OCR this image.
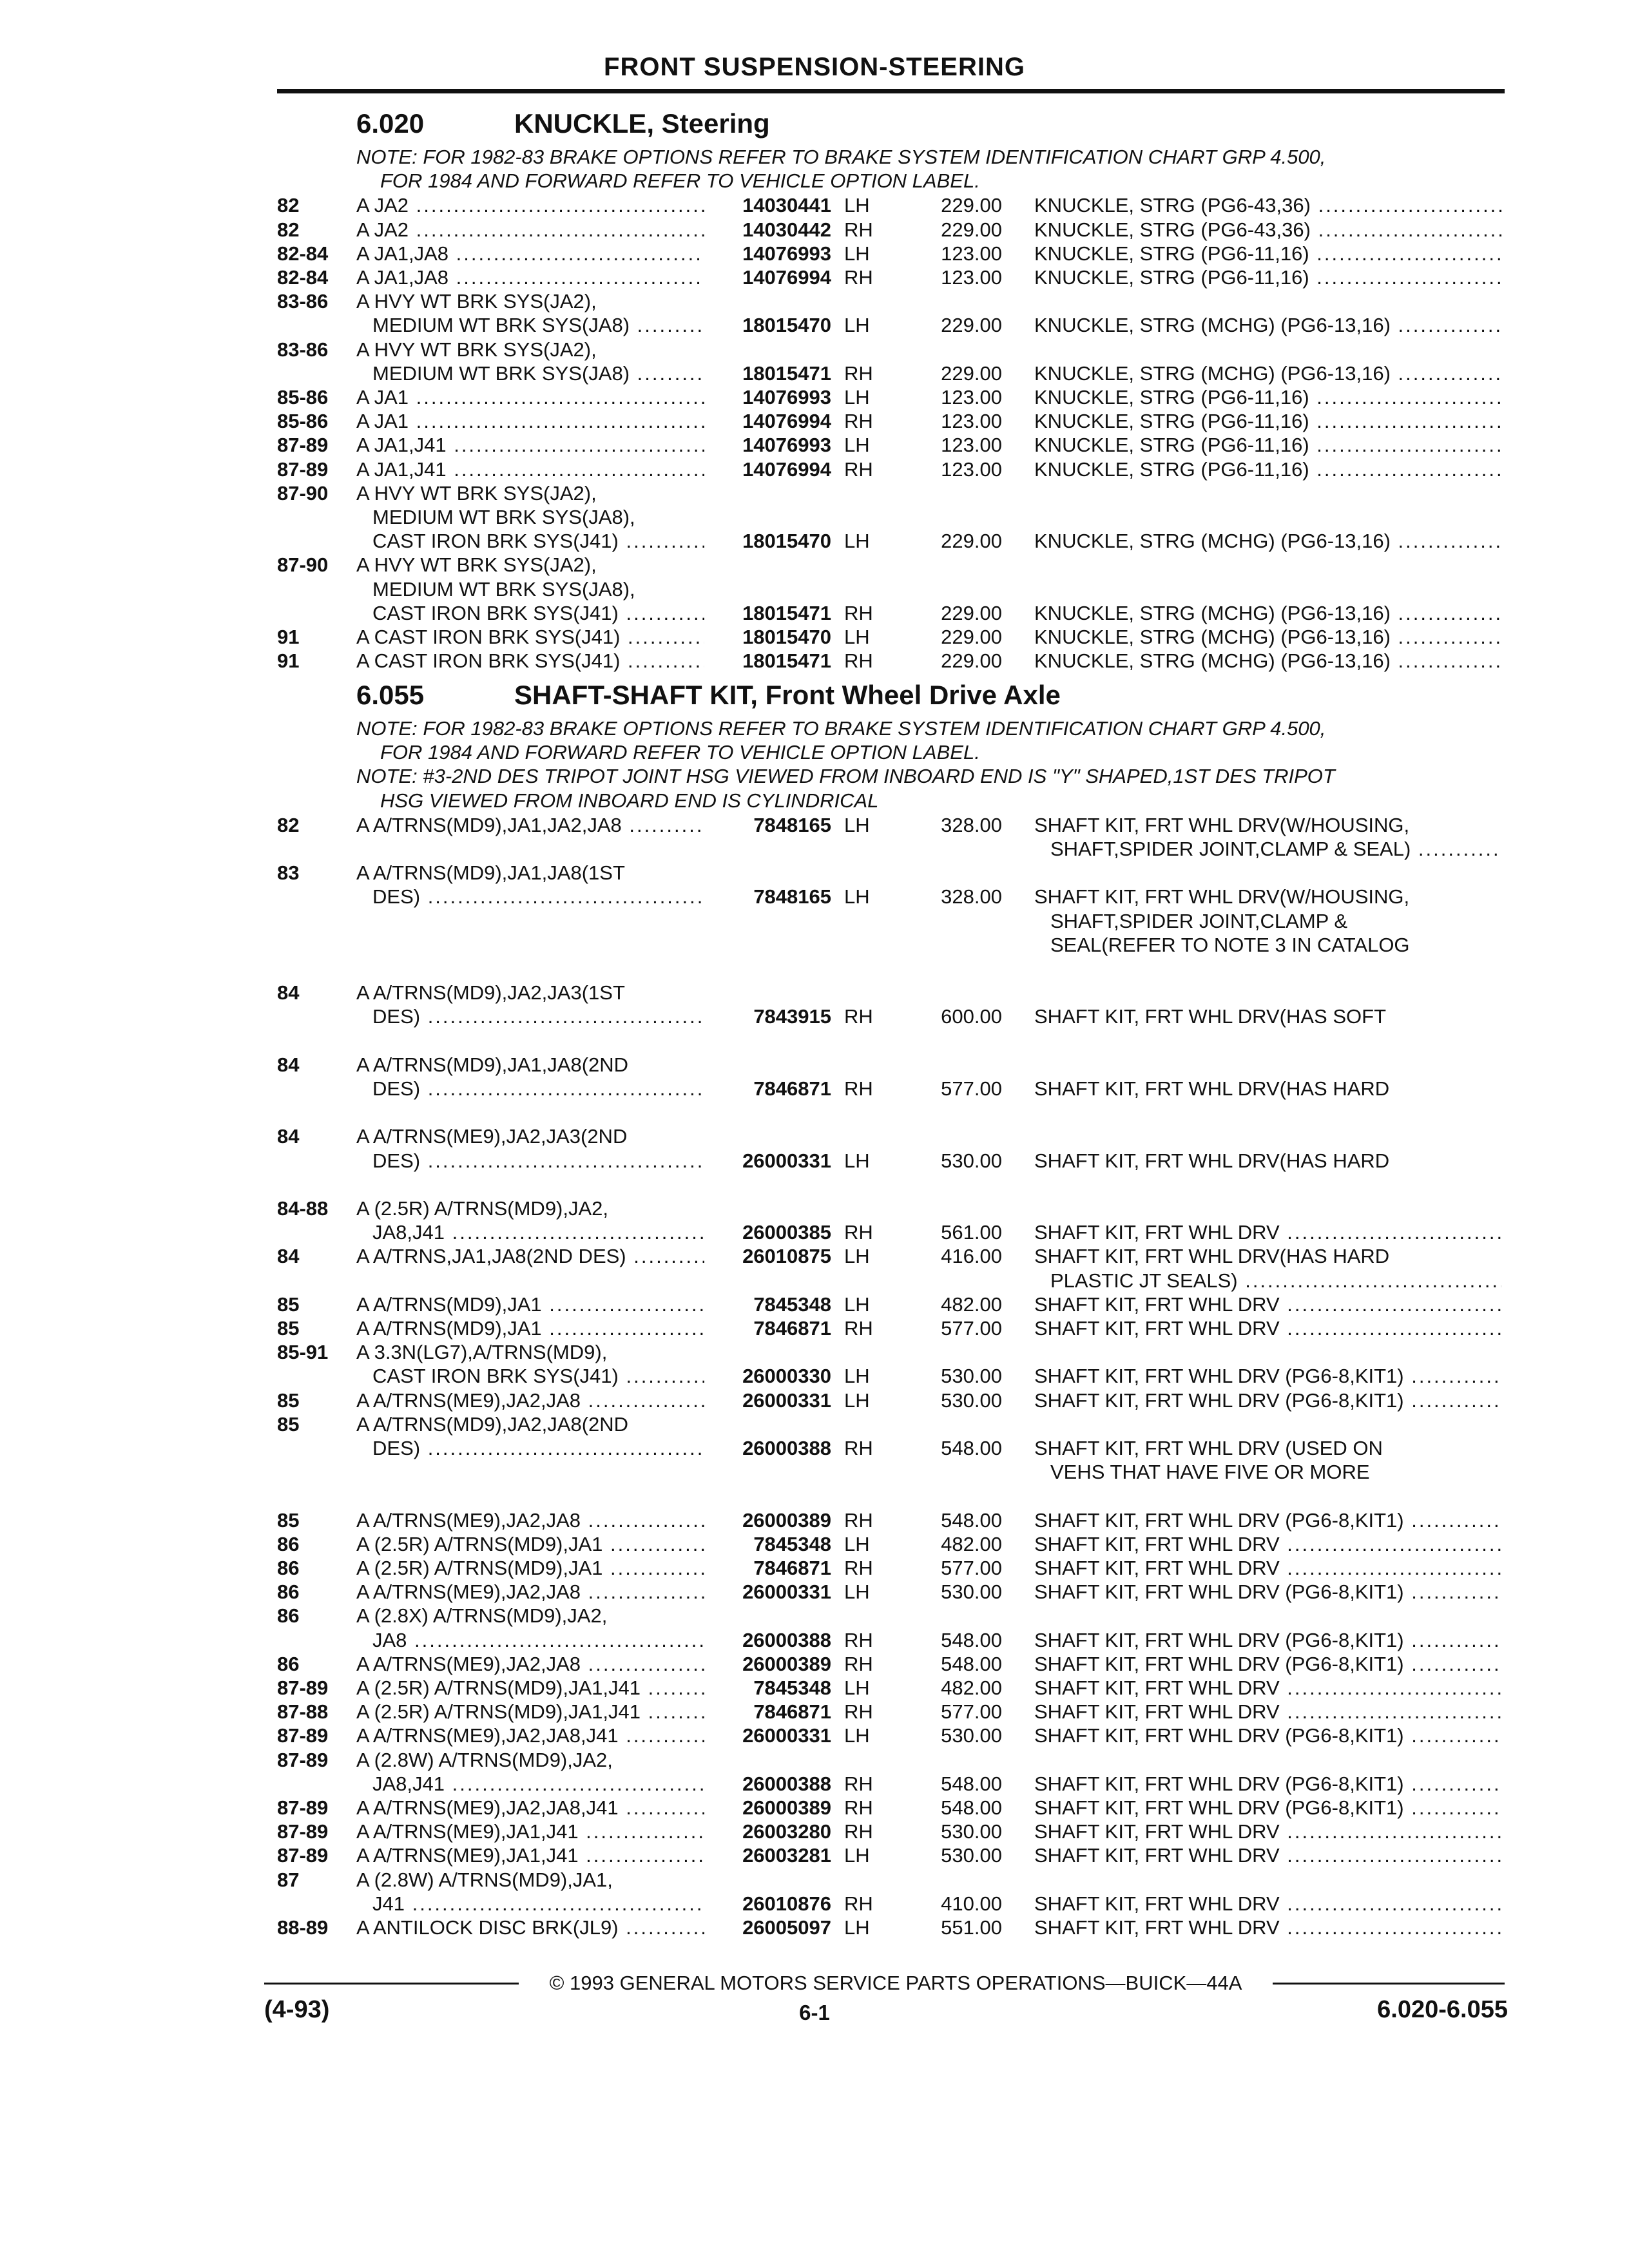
FRONT SUSPENSION-STEERING
6.020	KNUCKLE, Steering
NOTE: FOR 1982-83 BRAKE OPTIONS REFER TO BRAKE SYSTEM IDENTIFICATION CHART GRP 4.500,
FOR 1984 AND FORWARD REFER TO VEHICLE OPTION LABEL.
82	A JA2 .....	14030441 LH	229.00 KNUCKLE, STRG (PG6-43,36) .....
82	A JA2 .....	14030442 RH	229.00 KNUCKLE, STRG (PG6-43,36) .....
82-84 A JA1,JA8 .....	14076993 LH	123.00 KNUCKLE, STRG (PG6-11,16) .....
82-84 A JA1,JA8 .....	14076994 RH	123.00 KNUCKLE, STRG (PG6-11,16) .....
83-86 A HVY WT BRK SYS(JA2),
MEDIUM WT BRK SYS(JA8) .....	18015470 LH	229.00 KNUCKLE, STRG (MCHG) (PG6-13,16) .....
83-86 A HVY WT BRK SYS(JA2),
MEDIUM WT BRK SYS(JA8) .....	18015471 RH	229.00 KNUCKLE, STRG (MCHG) (PG6-13,16) .....
85-86 A JA1 .....	14076993 LH	123.00 KNUCKLE, STRG (PG6-11,16) .....
85-86 A JA1 .....	14076994 RH	123.00 KNUCKLE, STRG (PG6-11,16) .....
87-89 A JA1,J41 .....	14076993 LH	123.00 KNUCKLE, STRG (PG6-11,16) .....
87-89 A JA1,J41 .....	14076994 RH	123.00 KNUCKLE, STRG (PG6-11,16) .....
87-90 A HVY WT BRK SYS(JA2),
MEDIUM WT BRK SYS(JA8),
CAST IRON BRK SYS(J41) .....	18015470 LH	229.00 KNUCKLE, STRG (MCHG) (PG6-13,16) .....
87-90 A HVY WT BRK SYS(JA2),
MEDIUM WT BRK SYS(JA8),
CAST IRON BRK SYS(J41) .....	18015471 RH	229.00 KNUCKLE, STRG (MCHG) (PG6-13,16) .....
91	A CAST IRON BRK SYS(J41) .....	18015470 LH	229.00 KNUCKLE, STRG (MCHG) (PG6-13,16) .....
91	A CAST IRON BRK SYS(J41) .....	18015471 RH	229.00 KNUCKLE, STRG (MCHG) (PG6-13,16) .....
6.055	SHAFT-SHAFT KIT, Front Wheel Drive Axle
NOTE: FOR 1982-83 BRAKE OPTIONS REFER TO BRAKE SYSTEM IDENTIFICATION CHART GRP 4.500,
FOR 1984 AND FORWARD REFER TO VEHICLE OPTION LABEL.
NOTE: #3-2ND DES TRIPOT JOINT HSG VIEWED FROM INBOARD END IS "Y" SHAPED,1ST DES TRIPOT
HSG VIEWED FROM INBOARD END IS CYLINDRICAL
82	A A/TRNS(MD9),JA1,JA2,JA8 .....	7848165 LH	328.00 SHAFT KIT, FRT WHL DRV(W/HOUSING,
SHAFT,SPIDER JOINT,CLAMP & SEAL) .....
83	A A/TRNS(MD9),JA1,JA8(1ST
DES) .....	7848165 LH	328.00 SHAFT KIT, FRT WHL DRV(W/HOUSING,
SHAFT,SPIDER JOINT,CLAMP &
SEAL(REFER TO NOTE 3 IN CATALOG
84	A A/TRNS(MD9),JA2,JA3(1ST
DES) .....	7843915 RH	600.00 SHAFT KIT, FRT WHL DRV(HAS SOFT
84	A A/TRNS(MD9),JA1,JA8(2ND
DES) .....	7846871 RH	577.00 SHAFT KIT, FRT WHL DRV(HAS HARD
84	A A/TRNS(ME9),JA2,JA3(2ND
DES) .....	26000331 LH	530.00 SHAFT KIT, FRT WHL DRV(HAS HARD
84-88 A (2.5R) A/TRNS(MD9),JA2,
JA8,J41 .....	26000385 RH	561.00 SHAFT KIT, FRT WHL DRV .....
84	A A/TRNS,JA1,JA8(2ND DES) .....	26010875 LH	416.00 SHAFT KIT, FRT WHL DRV(HAS HARD
PLASTIC JT SEALS) .....
85	A A/TRNS(MD9),JA1 .....	7845348 LH	482.00 SHAFT KIT, FRT WHL DRV .....
85	A A/TRNS(MD9),JA1 .....	7846871 RH	577.00 SHAFT KIT, FRT WHL DRV .....
85-91 A 3.3N(LG7),A/TRNS(MD9),
CAST IRON BRK SYS(J41) .....	26000330 LH	530.00 SHAFT KIT, FRT WHL DRV (PG6-8,KIT1) .....
85	A A/TRNS(ME9),JA2,JA8 .....	26000331 LH	530.00 SHAFT KIT, FRT WHL DRV (PG6-8,KIT1) .....
85	A A/TRNS(MD9),JA2,JA8(2ND
DES) .....	26000388 RH	548.00 SHAFT KIT, FRT WHL DRV (USED ON
VEHS THAT HAVE FIVE OR MORE
85	A A/TRNS(ME9),JA2,JA8 .....	26000389 RH	548.00 SHAFT KIT, FRT WHL DRV (PG6-8,KIT1) .....
86	A (2.5R) A/TRNS(MD9),JA1 .....	7845348 LH	482.00 SHAFT KIT, FRT WHL DRV .....
86	A (2.5R) A/TRNS(MD9),JA1 .....	7846871 RH	577.00 SHAFT KIT, FRT WHL DRV .....
86	A A/TRNS(ME9),JA2,JA8 .....	26000331 LH	530.00 SHAFT KIT, FRT WHL DRV (PG6-8,KIT1) .....
86	A (2.8X) A/TRNS(MD9),JA2,
JA8 .....	26000388 RH	548.00 SHAFT KIT, FRT WHL DRV (PG6-8,KIT1) .....
86	A A/TRNS(ME9),JA2,JA8 .....	26000389 RH	548.00 SHAFT KIT, FRT WHL DRV (PG6-8,KIT1) .....
87-89 A (2.5R) A/TRNS(MD9),JA1,J41 .....	7845348 LH	482.00 SHAFT KIT, FRT WHL DRV .....
87-88 A (2.5R) A/TRNS(MD9),JA1,J41 .....	7846871 RH	577.00 SHAFT KIT, FRT WHL DRV .....
87-89 A A/TRNS(ME9),JA2,JA8,J41 .....	26000331 LH	530.00 SHAFT KIT, FRT WHL DRV (PG6-8,KIT1) .....
87-89 A (2.8W) A/TRNS(MD9),JA2,
JA8,J41 .....	26000388 RH	548.00 SHAFT KIT, FRT WHL DRV (PG6-8,KIT1) .....
87-89 A A/TRNS(ME9),JA2,JA8,J41 .....	26000389 RH	548.00 SHAFT KIT, FRT WHL DRV (PG6-8,KIT1) .....
87-89 A A/TRNS(ME9),JA1,J41 .....	26003280 RH	530.00 SHAFT KIT, FRT WHL DRV .....
87-89 A A/TRNS(ME9),JA1,J41 .....	26003281 LH	530.00 SHAFT KIT, FRT WHL DRV .....
87	A (2.8W) A/TRNS(MD9),JA1,
J41 .....	26010876 RH	410.00 SHAFT KIT, FRT WHL DRV .....
88-89 A ANTILOCK DISC BRK(JL9) .....	26005097 LH	551.00 SHAFT KIT, FRT WHL DRV .....
© 1993 GENERAL MOTORS SERVICE PARTS OPERATIONS—BUICK—44A
(4-93)	6-1	6.020-6.055
